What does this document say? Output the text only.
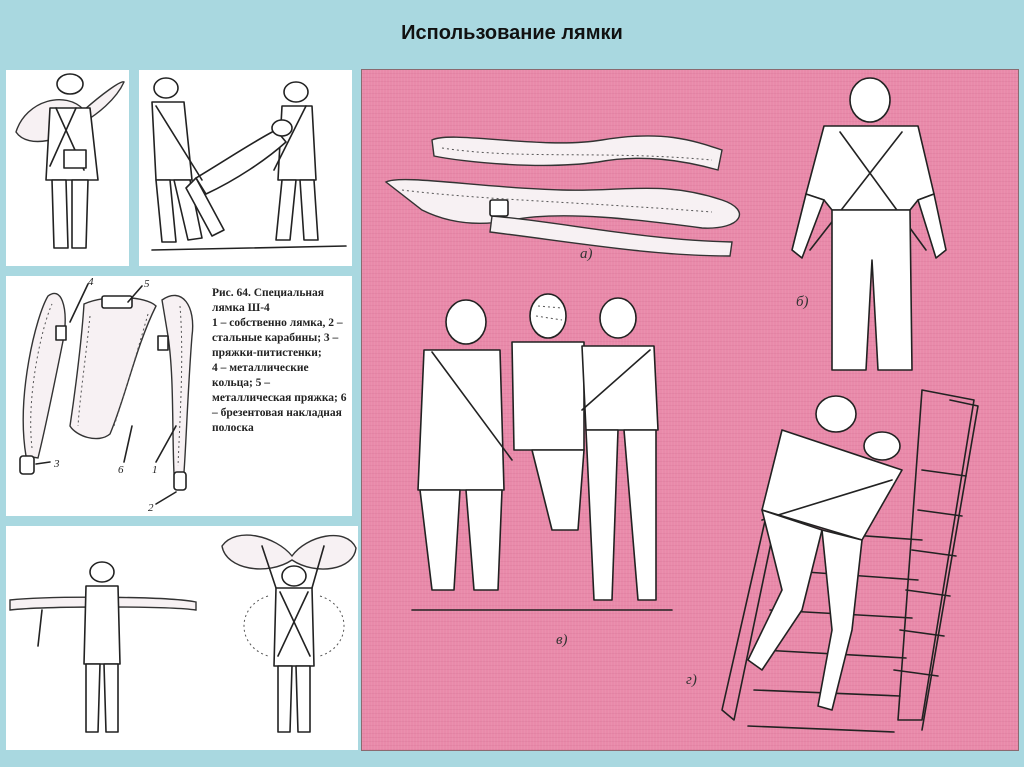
Использование лямки
4	5
3	6	1
2
Рис. 64. Специальная лямка Ш-4
1 – собственно лямка, 2 – стальные карабины; 3 – пряжки-питистенки;
4 – металлические кольца; 5 – металлическая пряжка; 6 – брезентовая накладная полоска
а)
б)
в)
г)
